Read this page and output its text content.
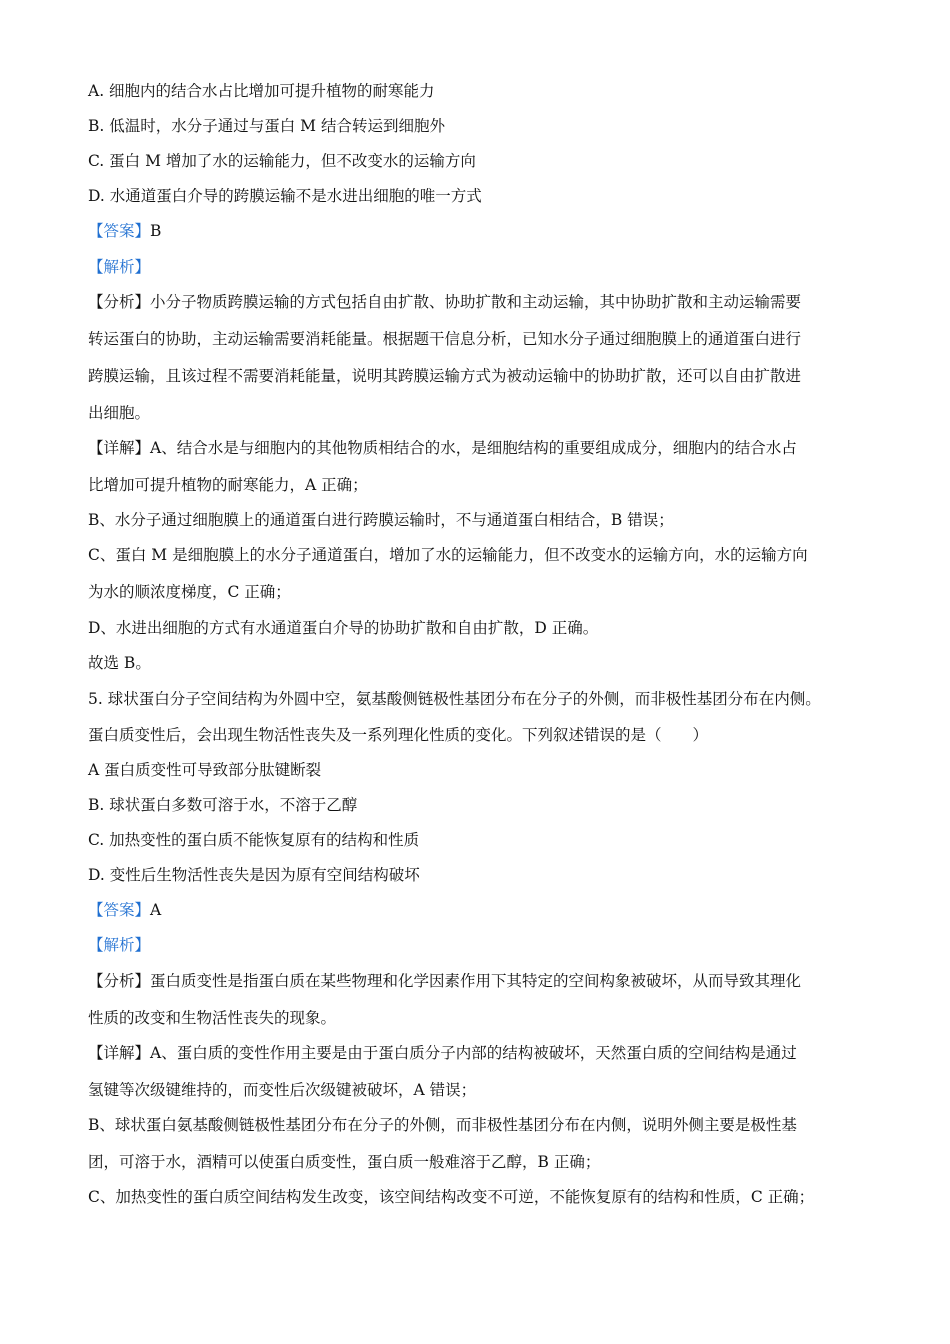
A. 细胞内的结合水占比增加可提升植物的耐寒能力
B. 低温时，水分子通过与蛋白 M 结合转运到细胞外
C. 蛋白 M 增加了水的运输能力，但不改变水的运输方向
D. 水通道蛋白介导的跨膜运输不是水进出细胞的唯一方式
【答案】B
【解析】
【分析】小分子物质跨膜运输的方式包括自由扩散、协助扩散和主动运输，其中协助扩散和主动运输需要
转运蛋白的协助，主动运输需要消耗能量。根据题干信息分析，已知水分子通过细胞膜上的通道蛋白进行
跨膜运输，且该过程不需要消耗能量，说明其跨膜运输方式为被动运输中的协助扩散，还可以自由扩散进
出细胞。
【详解】A、结合水是与细胞内的其他物质相结合的水，是细胞结构的重要组成成分，细胞内的结合水占
比增加可提升植物的耐寒能力，A 正确；
B、水分子通过细胞膜上的通道蛋白进行跨膜运输时，不与通道蛋白相结合，B 错误；
C、蛋白 M 是细胞膜上的水分子通道蛋白，增加了水的运输能力，但不改变水的运输方向，水的运输方向
为水的顺浓度梯度，C 正确；
D、水进出细胞的方式有水通道蛋白介导的协助扩散和自由扩散，D 正确。
故选 B。
5. 球状蛋白分子空间结构为外圆中空，氨基酸侧链极性基团分布在分子的外侧，而非极性基团分布在内侧。
蛋白质变性后，会出现生物活性丧失及一系列理化性质的变化。下列叙述错误的是（　　）
A 蛋白质变性可导致部分肽键断裂
B. 球状蛋白多数可溶于水，不溶于乙醇
C. 加热变性的蛋白质不能恢复原有的结构和性质
D. 变性后生物活性丧失是因为原有空间结构破坏
【答案】A
【解析】
【分析】蛋白质变性是指蛋白质在某些物理和化学因素作用下其特定的空间构象被破坏，从而导致其理化
性质的改变和生物活性丧失的现象。
【详解】A、蛋白质的变性作用主要是由于蛋白质分子内部的结构被破坏，天然蛋白质的空间结构是通过
氢键等次级键维持的，而变性后次级键被破坏，A 错误；
B、球状蛋白氨基酸侧链极性基团分布在分子的外侧，而非极性基团分布在内侧，说明外侧主要是极性基
团，可溶于水，酒精可以使蛋白质变性，蛋白质一般难溶于乙醇，B 正确；
C、加热变性的蛋白质空间结构发生改变，该空间结构改变不可逆，不能恢复原有的结构和性质，C 正确；
